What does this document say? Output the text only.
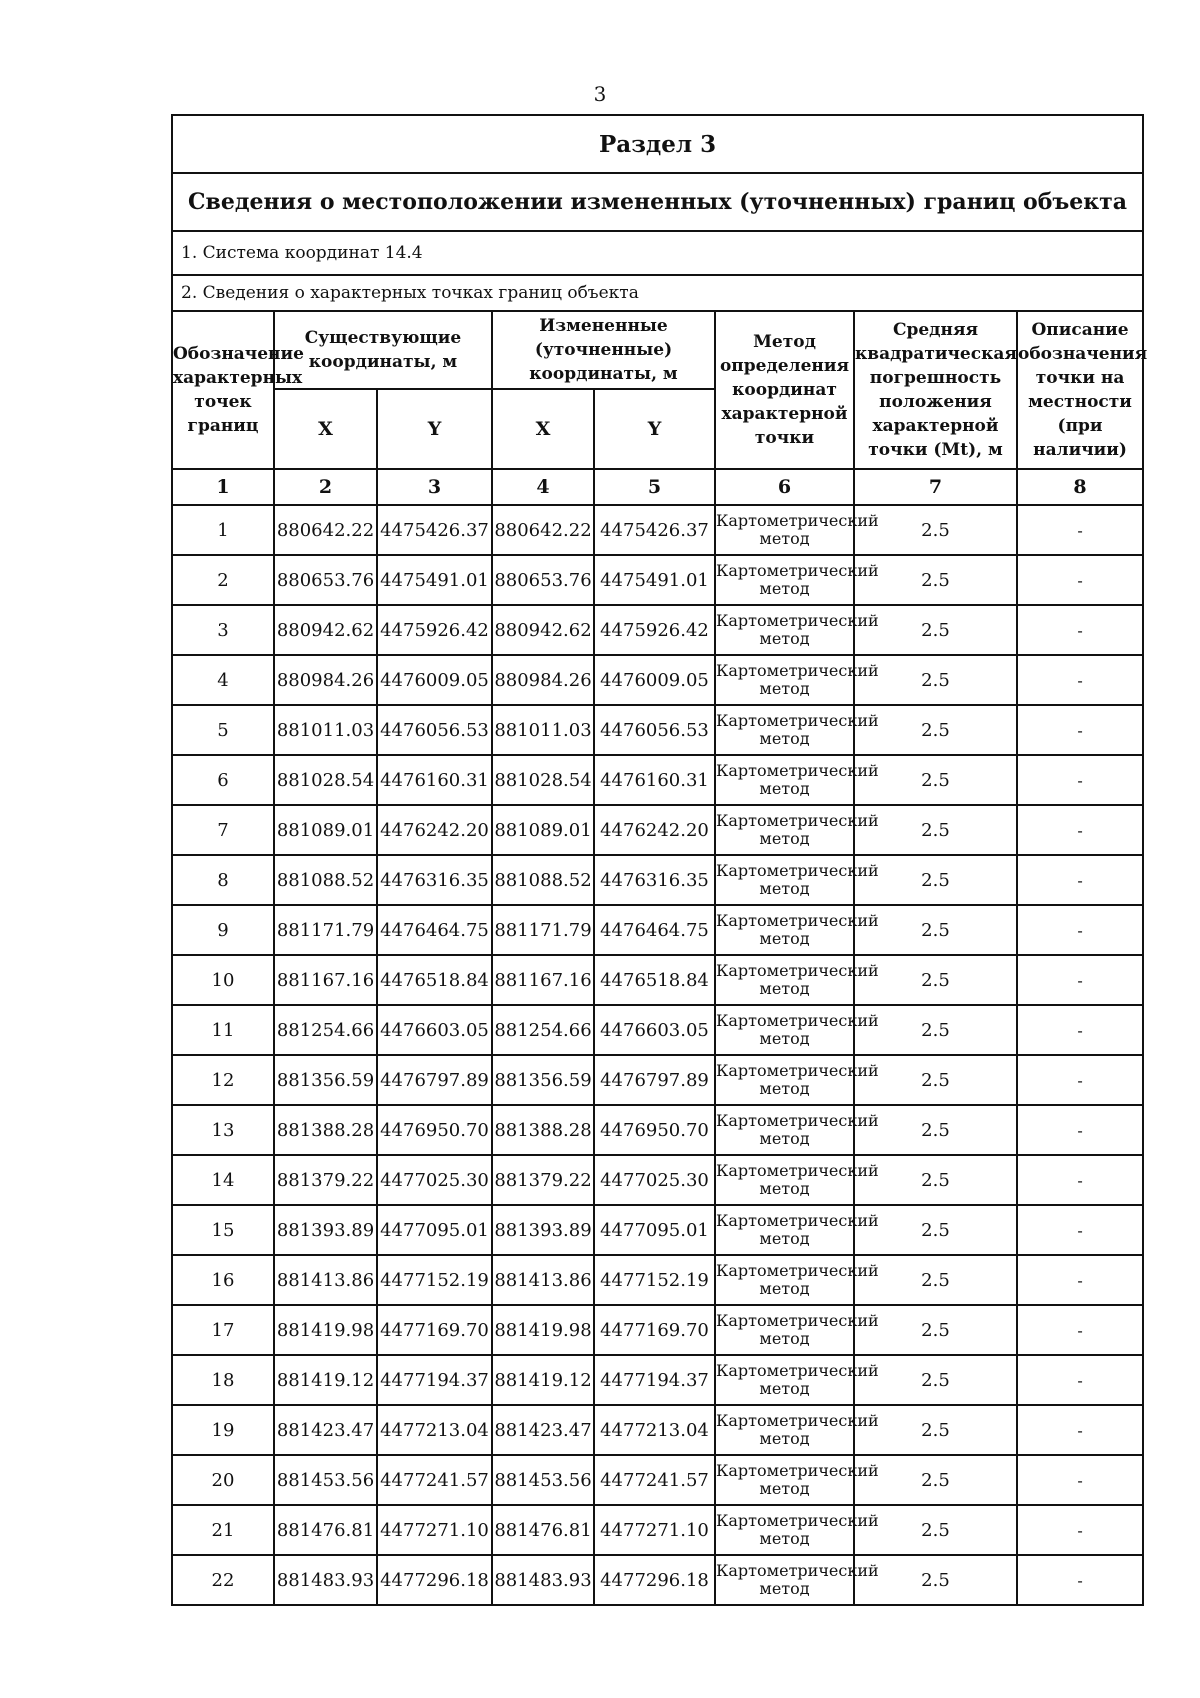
3
Раздел 3							
Сведения о местоположении измененных (уточненных) границ объекта							
1. Система координат 14.4							
2. Сведения о характерных точках границ объекта							
Обозначение характерных точек границ	Существующие координаты, м		Измененные (уточненные) координаты, м		Метод определения координат характерной точки	Средняя квадратическая погрешность положения характерной точки (Mt), м	Описание обозначения точки на местности (при наличии)
	X	Y	X	Y			
1	2	3	4	5	6	7	8
1	880642.22	4475426.37	880642.22	4475426.37	Картометрический метод	2.5	-
2	880653.76	4475491.01	880653.76	4475491.01	Картометрический метод	2.5	-
3	880942.62	4475926.42	880942.62	4475926.42	Картометрический метод	2.5	-
4	880984.26	4476009.05	880984.26	4476009.05	Картометрический метод	2.5	-
5	881011.03	4476056.53	881011.03	4476056.53	Картометрический метод	2.5	-
6	881028.54	4476160.31	881028.54	4476160.31	Картометрический метод	2.5	-
7	881089.01	4476242.20	881089.01	4476242.20	Картометрический метод	2.5	-
8	881088.52	4476316.35	881088.52	4476316.35	Картометрический метод	2.5	-
9	881171.79	4476464.75	881171.79	4476464.75	Картометрический метод	2.5	-
10	881167.16	4476518.84	881167.16	4476518.84	Картометрический метод	2.5	-
11	881254.66	4476603.05	881254.66	4476603.05	Картометрический метод	2.5	-
12	881356.59	4476797.89	881356.59	4476797.89	Картометрический метод	2.5	-
13	881388.28	4476950.70	881388.28	4476950.70	Картометрический метод	2.5	-
14	881379.22	4477025.30	881379.22	4477025.30	Картометрический метод	2.5	-
15	881393.89	4477095.01	881393.89	4477095.01	Картометрический метод	2.5	-
16	881413.86	4477152.19	881413.86	4477152.19	Картометрический метод	2.5	-
17	881419.98	4477169.70	881419.98	4477169.70	Картометрический метод	2.5	-
18	881419.12	4477194.37	881419.12	4477194.37	Картометрический метод	2.5	-
19	881423.47	4477213.04	881423.47	4477213.04	Картометрический метод	2.5	-
20	881453.56	4477241.57	881453.56	4477241.57	Картометрический метод	2.5	-
21	881476.81	4477271.10	881476.81	4477271.10	Картометрический метод	2.5	-
22	881483.93	4477296.18	881483.93	4477296.18	Картометрический метод	2.5	-
